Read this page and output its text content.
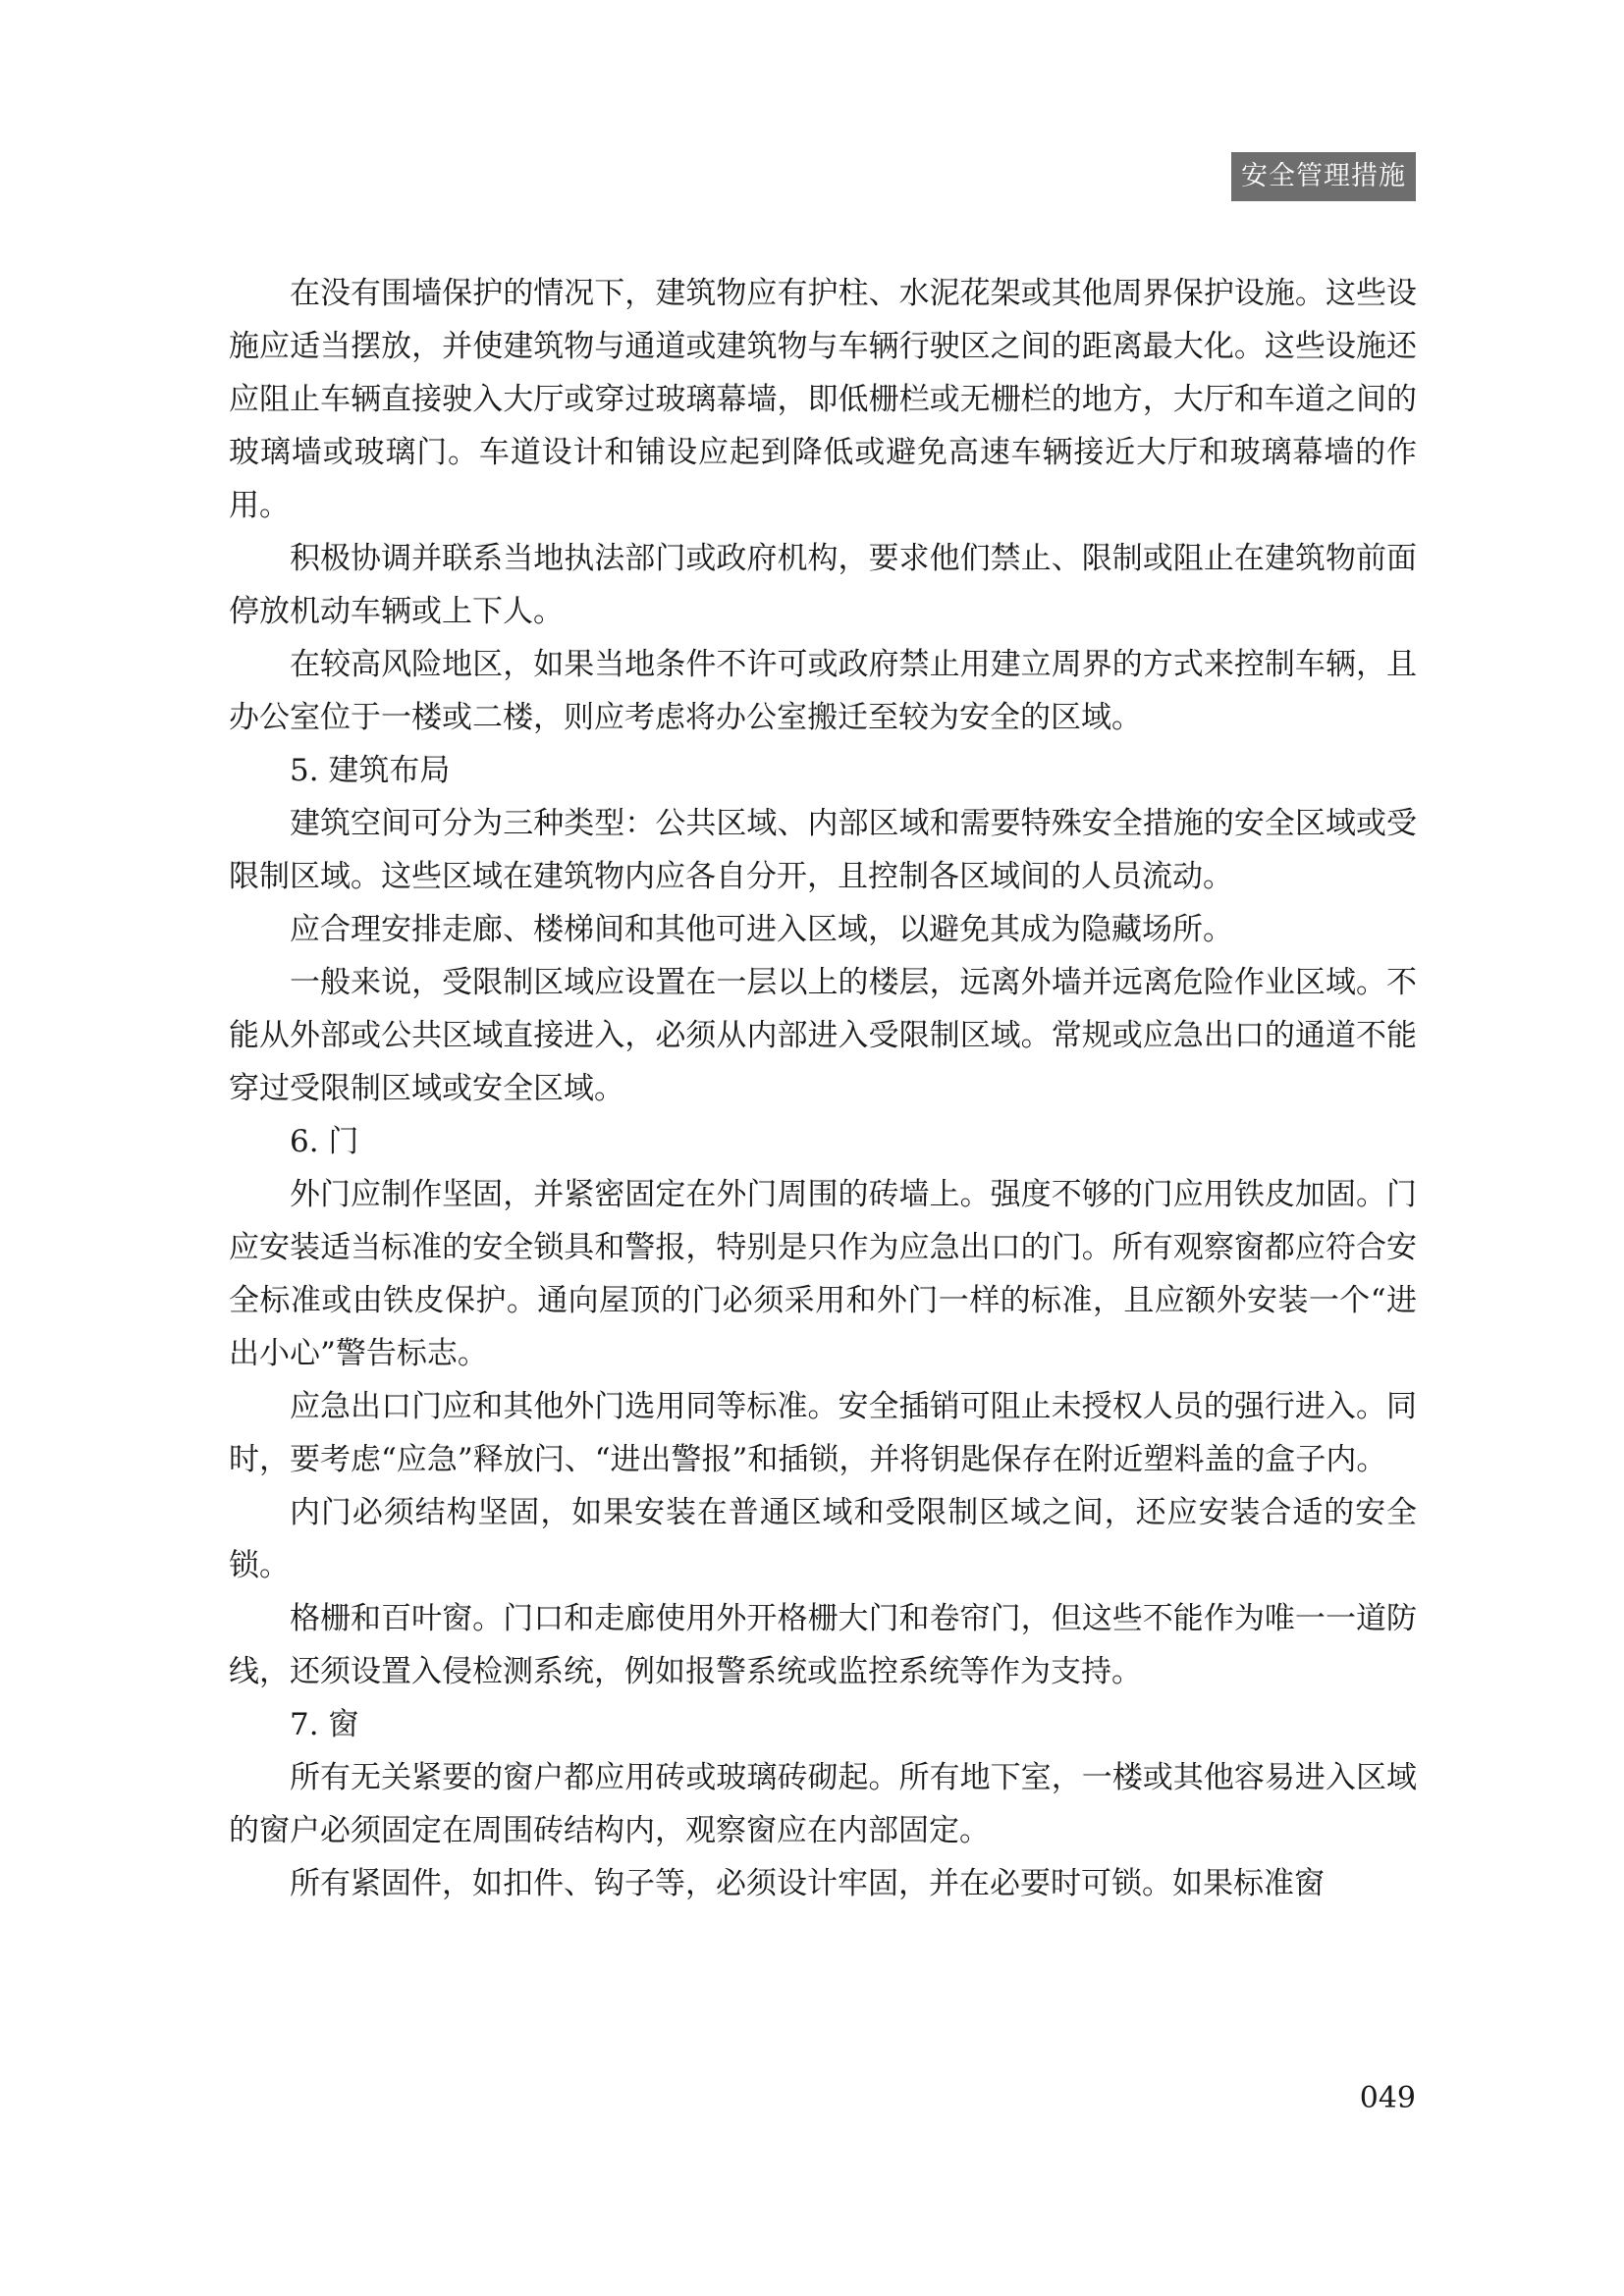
安全管理措施

在没有围墙保护的情况下，建筑物应有护柱、水泥花架或其他周界保护设施。这些设施应适当摆放，并使建筑物与通道或建筑物与车辆行驶区之间的距离最大化。这些设施还应阻止车辆直接驶入大厅或穿过玻璃幕墙，即低栅栏或无栅栏的地方，大厅和车道之间的玻璃墙或玻璃门。车道设计和铺设应起到降低或避免高速车辆接近大厅和玻璃幕墙的作用。

积极协调并联系当地执法部门或政府机构，要求他们禁止、限制或阻止在建筑物前面停放机动车辆或上下人。

在较高风险地区，如果当地条件不许可或政府禁止用建立周界的方式来控制车辆，且办公室位于一楼或二楼，则应考虑将办公室搬迁至较为安全的区域。

5. 建筑布局

建筑空间可分为三种类型：公共区域、内部区域和需要特殊安全措施的安全区域或受限制区域。这些区域在建筑物内应各自分开，且控制各区域间的人员流动。

应合理安排走廊、楼梯间和其他可进入区域，以避免其成为隐藏场所。

一般来说，受限制区域应设置在一层以上的楼层，远离外墙并远离危险作业区域。不能从外部或公共区域直接进入，必须从内部进入受限制区域。常规或应急出口的通道不能穿过受限制区域或安全区域。

6. 门

外门应制作坚固，并紧密固定在外门周围的砖墙上。强度不够的门应用铁皮加固。门应安装适当标准的安全锁具和警报，特别是只作为应急出口的门。所有观察窗都应符合安全标准或由铁皮保护。通向屋顶的门必须采用和外门一样的标准，且应额外安装一个“进出小心”警告标志。

应急出口门应和其他外门选用同等标准。安全插销可阻止未授权人员的强行进入。同时，要考虑“应急”释放闩、“进出警报”和插锁，并将钥匙保存在附近塑料盖的盒子内。

内门必须结构坚固，如果安装在普通区域和受限制区域之间，还应安装合适的安全锁。

格栅和百叶窗。门口和走廊使用外开格栅大门和卷帘门，但这些不能作为唯一一道防线，还须设置入侵检测系统，例如报警系统或监控系统等作为支持。

7. 窗

所有无关紧要的窗户都应用砖或玻璃砖砌起。所有地下室，一楼或其他容易进入区域的窗户必须固定在周围砖结构内，观察窗应在内部固定。

所有紧固件，如扣件、钩子等，必须设计牢固，并在必要时可锁。如果标准窗

049
